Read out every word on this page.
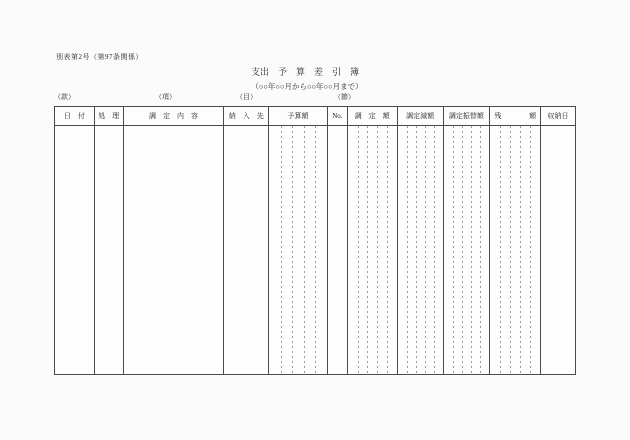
別表第2号（第97条関係）
支出　予　算　差　引　簿
（○○年○○月から○○年○○月まで）
（款）	（項）	（目）	（節）
日　付	処　理	調　定　内　容	納　入　先	予算額	No.	調　定　額	調定減額	調定振替額	残額	収納日
